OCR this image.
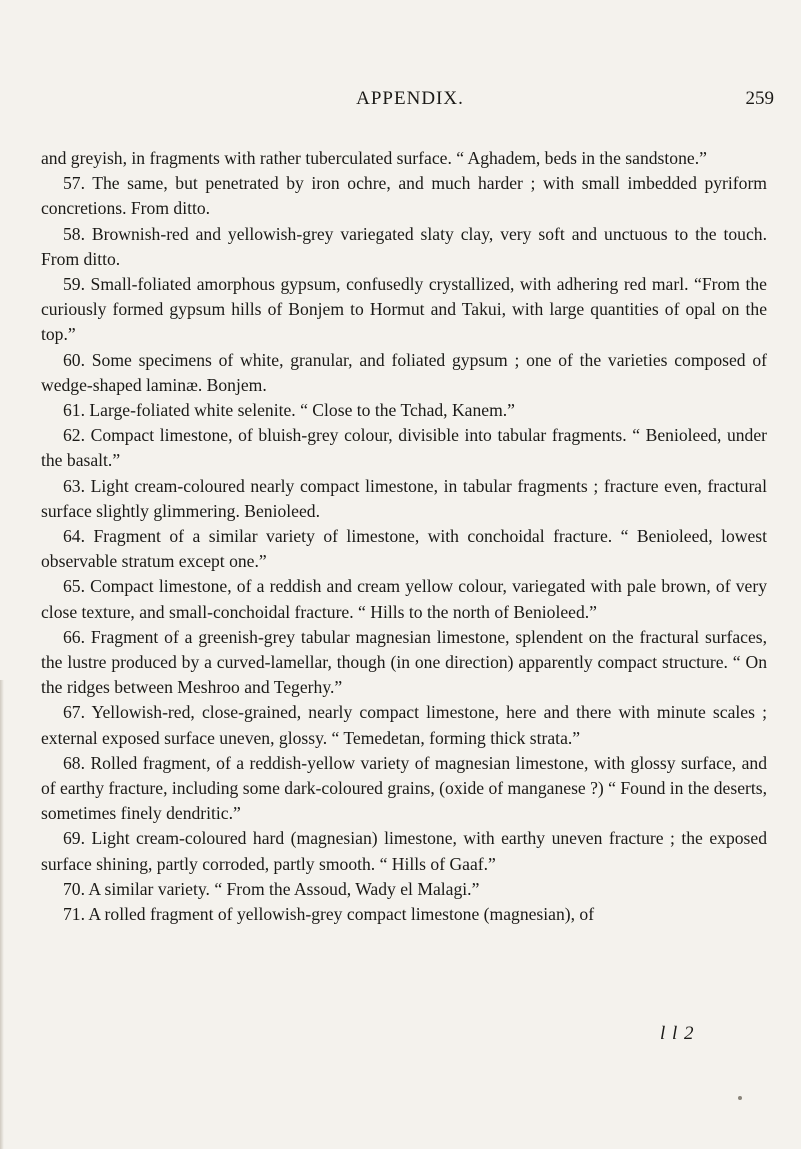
APPENDIX.	259

and greyish, in fragments with rather tuberculated surface. “ Aghadem, beds in the sandstone.”

57. The same, but penetrated by iron ochre, and much harder ; with small imbedded pyriform concretions. From ditto.

58. Brownish-red and yellowish-grey variegated slaty clay, very soft and unctuous to the touch. From ditto.

59. Small-foliated amorphous gypsum, confusedly crystallized, with adhering red marl. “From the curiously formed gypsum hills of Bonjem to Hormut and Takui, with large quantities of opal on the top.”

60. Some specimens of white, granular, and foliated gypsum ; one of the varieties composed of wedge-shaped laminæ. Bonjem.

61. Large-foliated white selenite. “ Close to the Tchad, Kanem.”

62. Compact limestone, of bluish-grey colour, divisible into tabular fragments. “ Benioleed, under the basalt.”

63. Light cream-coloured nearly compact limestone, in tabular fragments ; fracture even, fractural surface slightly glimmering. Benioleed.

64. Fragment of a similar variety of limestone, with conchoidal fracture. “ Benioleed, lowest observable stratum except one.”

65. Compact limestone, of a reddish and cream yellow colour, variegated with pale brown, of very close texture, and small-conchoidal fracture. “ Hills to the north of Benioleed.”

66. Fragment of a greenish-grey tabular magnesian limestone, splendent on the fractural surfaces, the lustre produced by a curved-lamellar, though (in one direction) apparently compact structure. “ On the ridges between Meshroo and Tegerhy.”

67. Yellowish-red, close-grained, nearly compact limestone, here and there with minute scales ; external exposed surface uneven, glossy. “ Temedetan, forming thick strata.”

68. Rolled fragment, of a reddish-yellow variety of magnesian limestone, with glossy surface, and of earthy fracture, including some dark-coloured grains, (oxide of manganese ?) “ Found in the deserts, sometimes finely dendritic.”

69. Light cream-coloured hard (magnesian) limestone, with earthy uneven fracture ; the exposed surface shining, partly corroded, partly smooth. “ Hills of Gaaf.”

70. A similar variety. “ From the Assoud, Wady el Malagi.”

71. A rolled fragment of yellowish-grey compact limestone (magnesian), of

l l 2
